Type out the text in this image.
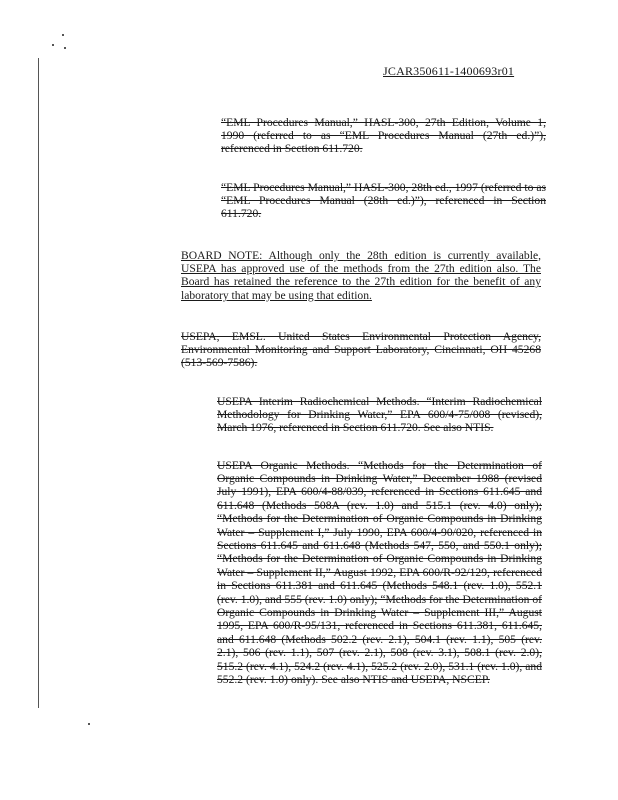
JCAR350611-1400693r01

“EML Procedures Manual,” HASL-300, 27th Edition, Volume 1, 1990 (referred to as “EML Procedures Manual (27th ed.)”), referenced in Section 611.720.

“EML Procedures Manual,” HASL-300, 28th ed., 1997 (referred to as “EML Procedures Manual (28th ed.)”), referenced in Section 611.720.

BOARD NOTE: Although only the 28th edition is currently available, USEPA has approved use of the methods from the 27th edition also. The Board has retained the reference to the 27th edition for the benefit of any laboratory that may be using that edition.

USEPA, EMSL. United States Environmental Protection Agency, Environmental Monitoring and Support Laboratory, Cincinnati, OH 45268 (513-569-7586).

USEPA Interim Radiochemical Methods. “Interim Radiochemical Methodology for Drinking Water,” EPA 600/4-75/008 (revised), March 1976, referenced in Section 611.720. See also NTIS.

USEPA Organic Methods. “Methods for the Determination of Organic Compounds in Drinking Water,” December 1988 (revised July 1991), EPA 600/4-88/039, referenced in Sections 611.645 and 611.648 (Methods 508A (rev. 1.0) and 515.1 (rev. 4.0) only); “Methods for the Determination of Organic Compounds in Drinking Water – Supplement I,” July 1990, EPA 600/4-90/020, referenced in Sections 611.645 and 611.648 (Methods 547, 550, and 550.1 only); “Methods for the Determination of Organic Compounds in Drinking Water – Supplement II,” August 1992, EPA 600/R-92/129, referenced in Sections 611.381 and 611.645 (Methods 548.1 (rev. 1.0), 552.1 (rev. 1.0), and 555 (rev. 1.0) only); “Methods for the Determination of Organic Compounds in Drinking Water – Supplement III,” August 1995, EPA 600/R-95/131, referenced in Sections 611.381, 611.645, and 611.648 (Methods 502.2 (rev. 2.1), 504.1 (rev. 1.1), 505 (rev. 2.1), 506 (rev. 1.1), 507 (rev. 2.1), 508 (rev. 3.1), 508.1 (rev. 2.0), 515.2 (rev. 4.1), 524.2 (rev. 4.1), 525.2 (rev. 2.0), 531.1 (rev. 1.0), and 552.2 (rev. 1.0) only). See also NTIS and USEPA, NSCEP.
